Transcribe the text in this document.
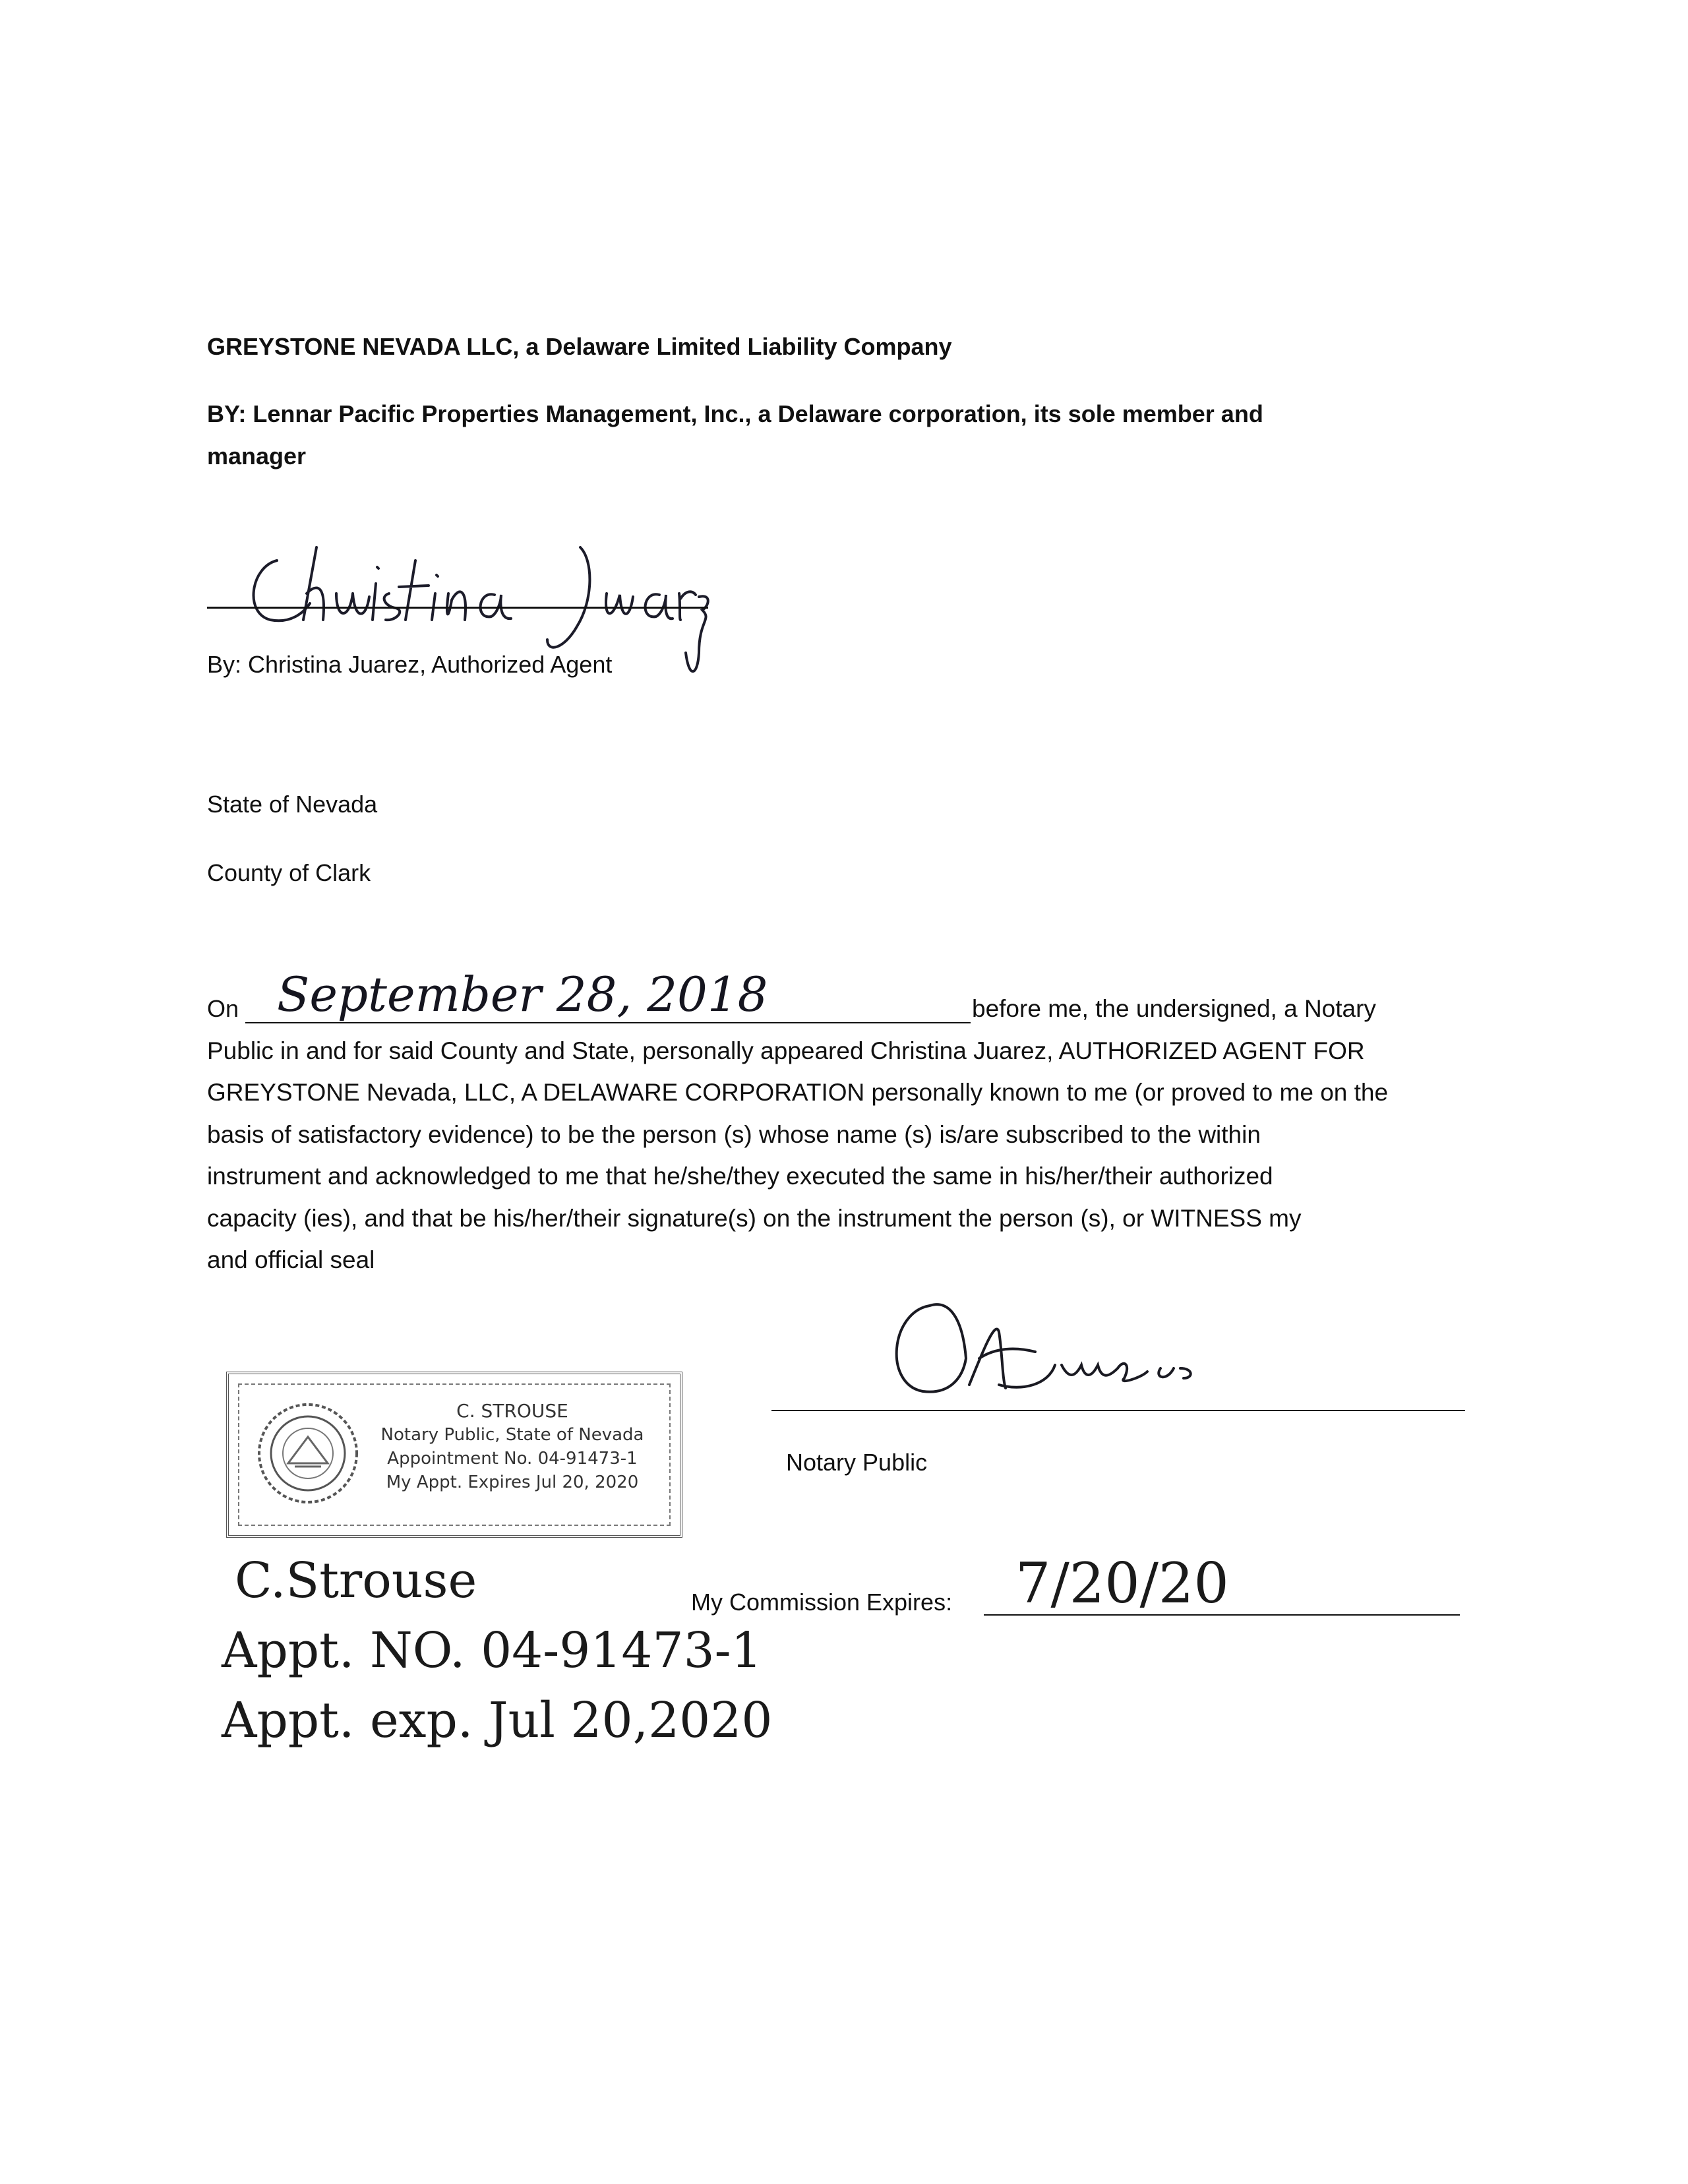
GREYSTONE NEVADA LLC, a Delaware Limited Liability Company
BY: Lennar Pacific Properties Management, Inc., a Delaware corporation, its sole member and
manager
By: Christina Juarez, Authorized Agent
State of Nevada
County of Clark
On September 28, 2018	before me, the undersigned, a Notary
Public in and for said County and State, personally appeared Christina Juarez, AUTHORIZED AGENT FOR
GREYSTONE Nevada, LLC, A DELAWARE CORPORATION personally known to me (or proved to me on the
basis of satisfactory evidence) to be the person (s) whose name (s) is/are subscribed to the within
instrument and acknowledged to me that he/she/they executed the same in his/her/their authorized
capacity (ies), and that be his/her/their signature(s) on the instrument the person (s), or WITNESS my
and official seal
C. STROUSE
Notary Public, State of Nevada
Appointment No. 04-91473-1
My Appt. Expires Jul 20, 2020
Notary Public
My Commission Expires: 7/20/20
C.Strouse
Appt. NO. 04-91473-1
Appt. exp. Jul 20,2020
